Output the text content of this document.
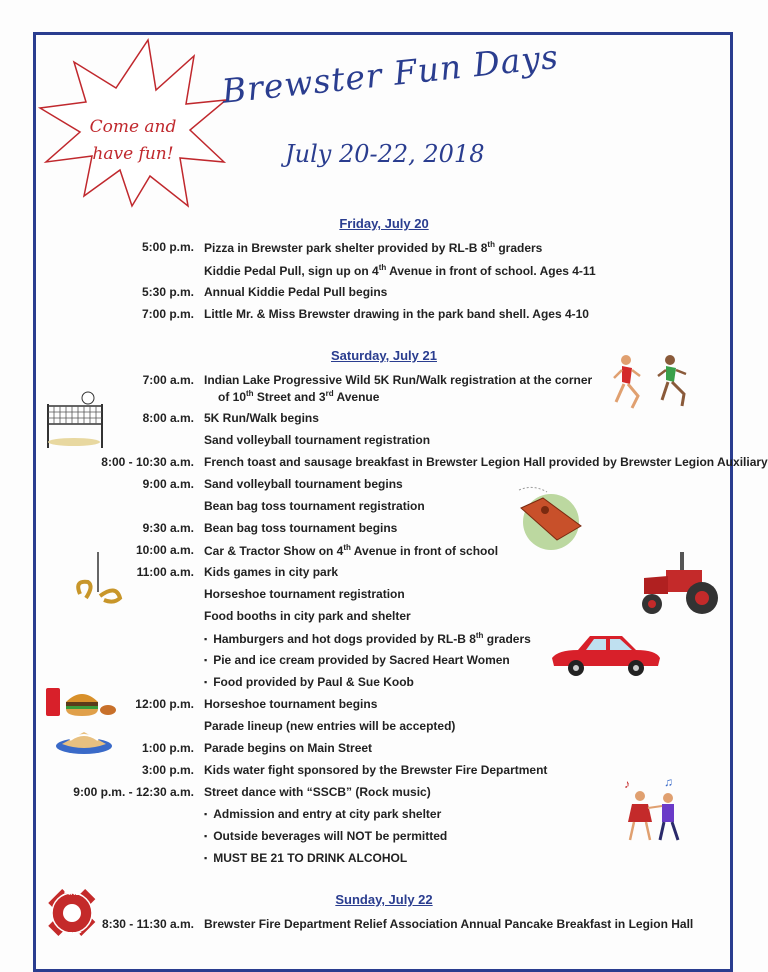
Come and
have fun!
Brewster Fun Days
July 20-22, 2018
Friday, July 20
5:00 p.m. Pizza in Brewster park shelter provided by RL-B 8th graders
Kiddie Pedal Pull, sign up on 4th Avenue in front of school. Ages 4-11
5:30 p.m. Annual Kiddie Pedal Pull begins
7:00 p.m. Little Mr. & Miss Brewster drawing in the park band shell. Ages 4-10
Saturday, July 21
7:00 a.m. Indian Lake Progressive Wild 5K Run/Walk registration at the corner
of 10th Street and 3rd Avenue
8:00 a.m. 5K Run/Walk begins
Sand volleyball tournament registration
8:00 - 10:30 a.m. French toast and sausage breakfast in Brewster Legion Hall provided by Brewster Legion Auxiliary
9:00 a.m. Sand volleyball tournament begins
Bean bag toss tournament registration
9:30 a.m. Bean bag toss tournament begins
10:00 a.m. Car & Tractor Show on 4th Avenue in front of school
11:00 a.m. Kids games in city park
Horseshoe tournament registration
Food booths in city park and shelter
▪ Hamburgers and hot dogs provided by RL-B 8th graders
▪ Pie and ice cream provided by Sacred Heart Women
▪ Food provided by Paul & Sue Koob
12:00 p.m. Horseshoe tournament begins
Parade lineup (new entries will be accepted)
1:00 p.m. Parade begins on Main Street
3:00 p.m. Kids water fight sponsored by the Brewster Fire Department
9:00 p.m. - 12:30 a.m. Street dance with “SSCB” (Rock music)
▪ Admission and entry at city park shelter
▪ Outside beverages will NOT be permitted
▪ MUST BE 21 TO DRINK ALCOHOL
Sunday, July 22
8:30 - 11:30 a.m. Brewster Fire Department Relief Association Annual Pancake Breakfast in Legion Hall
♪	♫
FIRE
DEPT
